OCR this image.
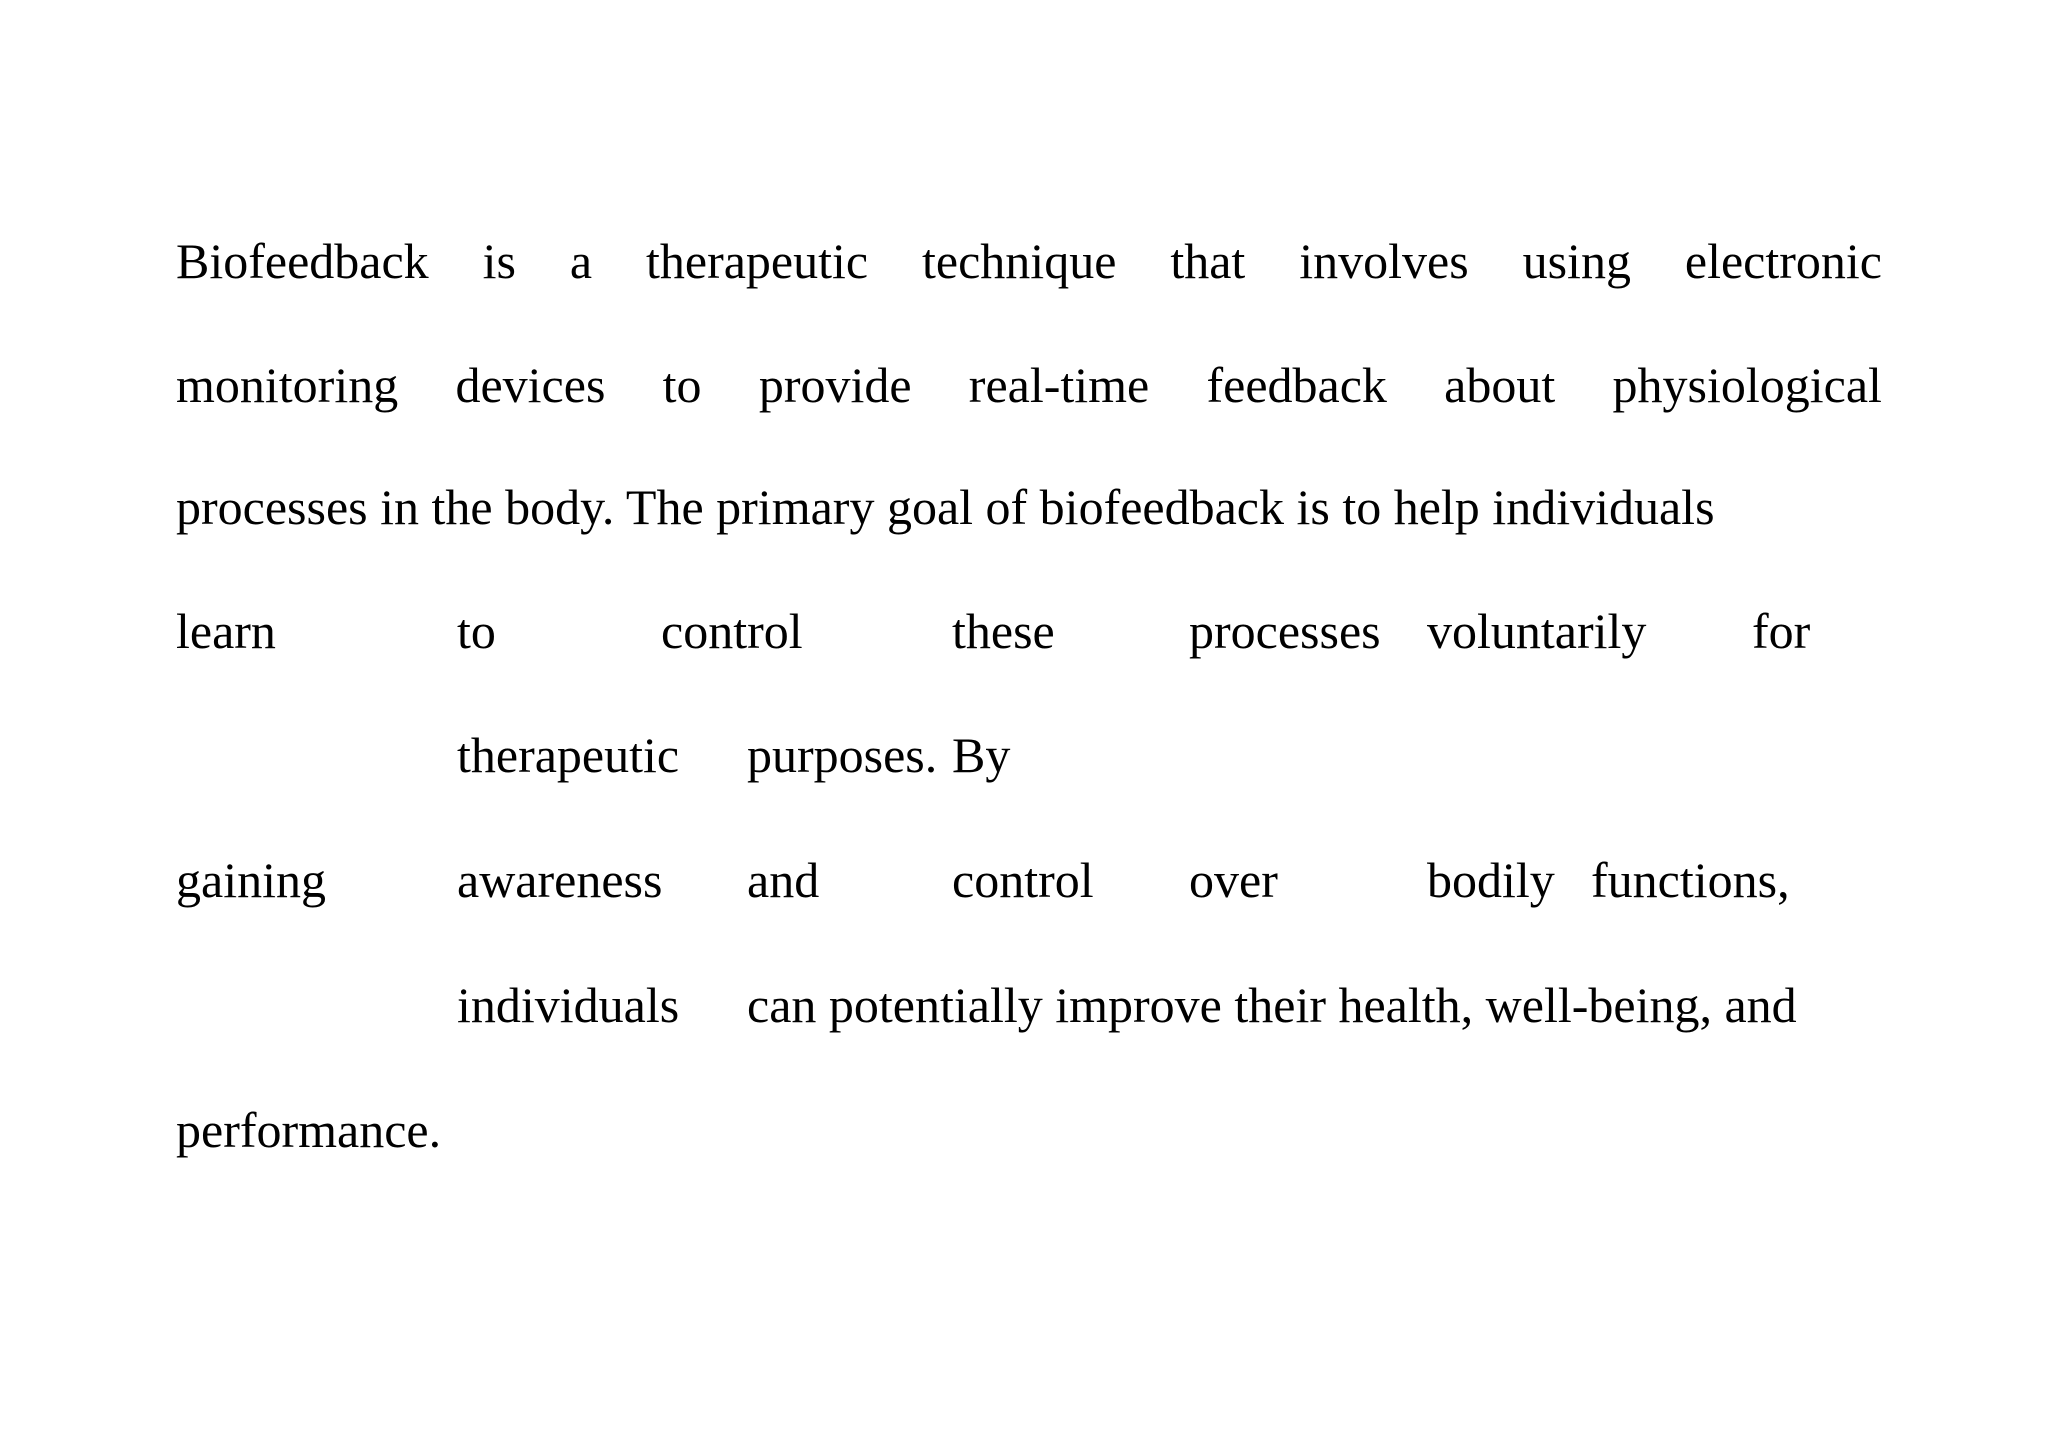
Biofeedback is a therapeutic technique that involves using electronic
monitoring devices to provide real-time feedback about physiological
processes in the body. The primary goal of biofeedback is to help individuals
learn	to	control	these	processes voluntarily for
therapeutic purposes. By
gaining	awareness and	control over	bodily functions,
individuals can potentially improve their health, well-being, and
performance.
